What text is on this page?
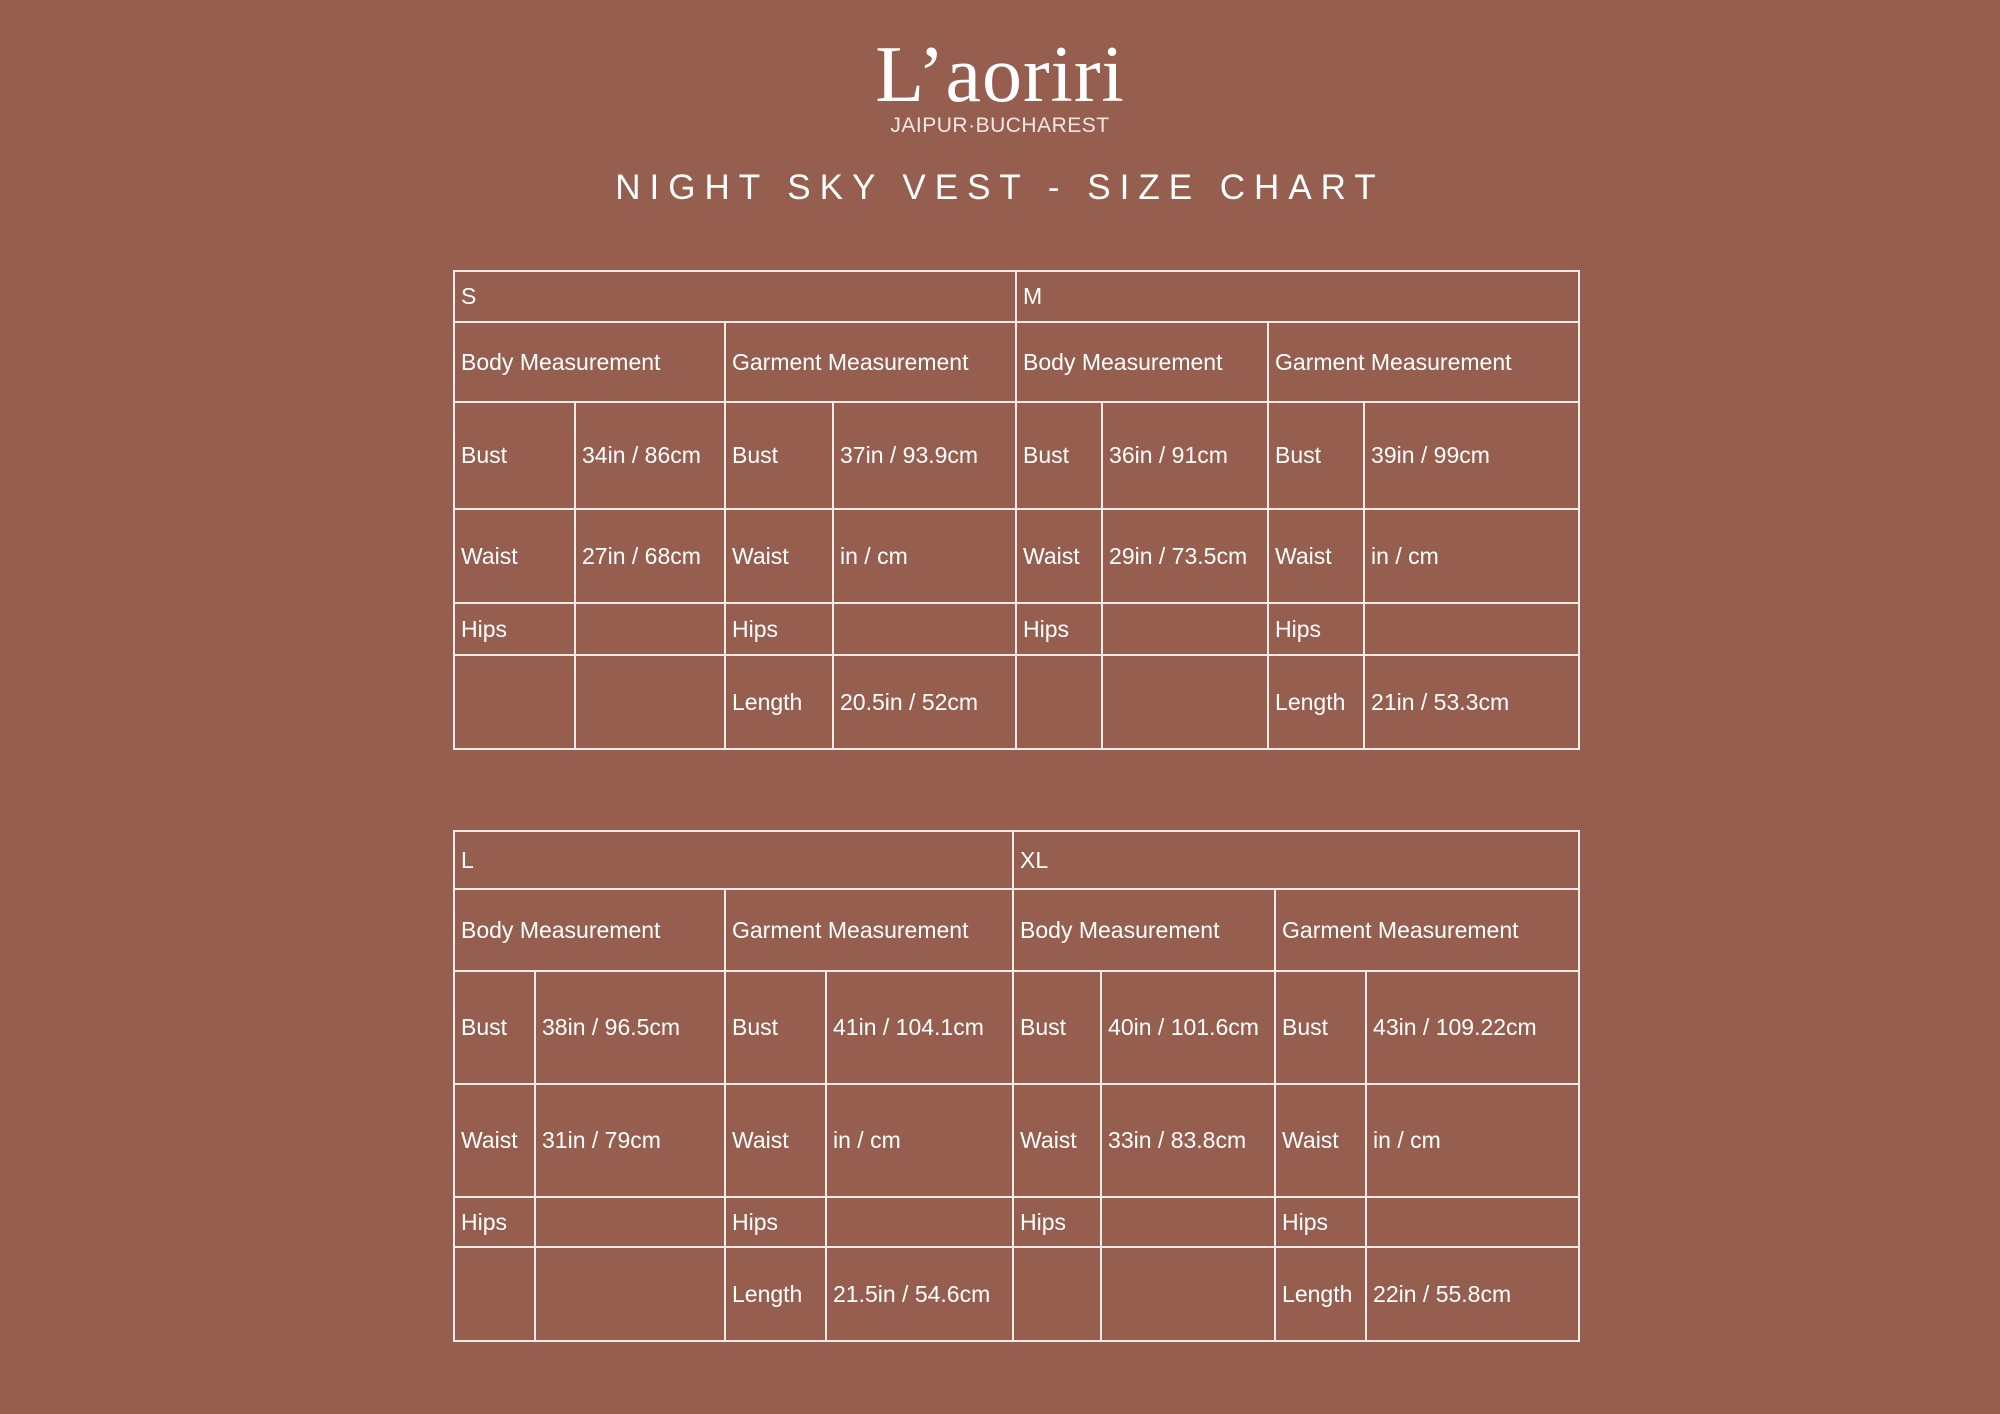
L’aoriri
JAIPUR·BUCHAREST
NIGHT SKY VEST - SIZE CHART
S				M			
Body Measurement		Garment Measurement		Body Measurement		Garment Measurement	
Bust	34in / 86cm	Bust	37in / 93.9cm	Bust	36in / 91cm	Bust	39in / 99cm
Waist	27in / 68cm	Waist	in / cm	Waist	29in / 73.5cm	Waist	in / cm
Hips		Hips		Hips		Hips	
		Length	20.5in / 52cm			Length	21in / 53.3cm
L				XL			
Body Measurement		Garment Measurement		Body Measurement		Garment Measurement	
Bust	38in / 96.5cm	Bust	41in / 104.1cm	Bust	40in / 101.6cm	Bust	43in / 109.22cm
Waist	31in / 79cm	Waist	in / cm	Waist	33in / 83.8cm	Waist	in / cm
Hips		Hips		Hips		Hips	
		Length	21.5in / 54.6cm			Length	22in / 55.8cm
